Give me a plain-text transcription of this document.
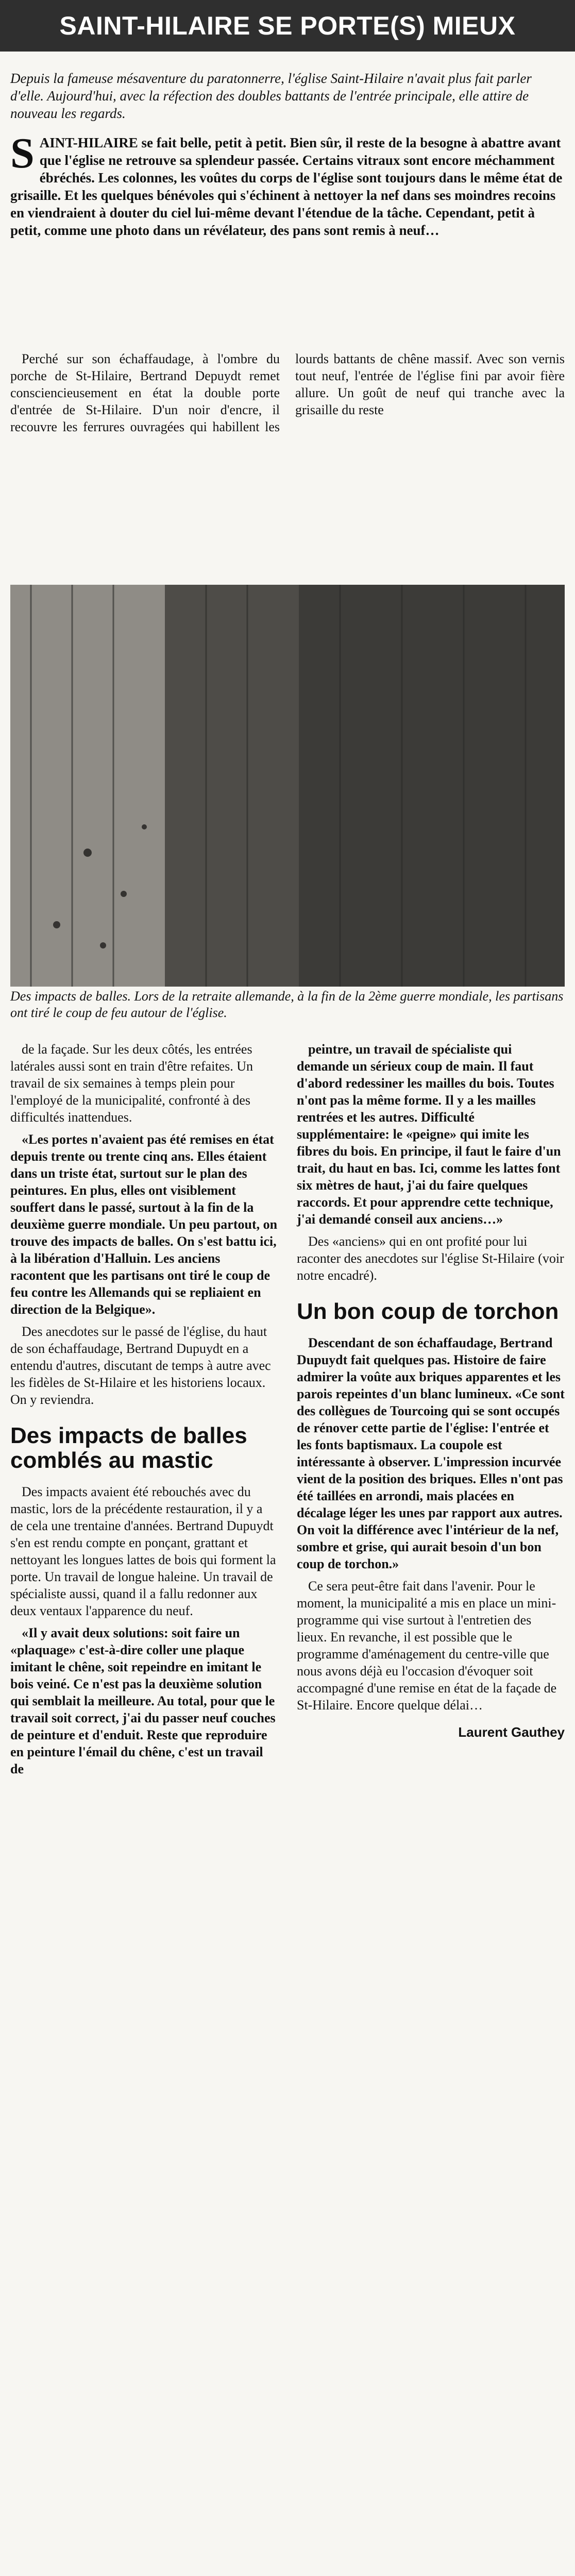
SAINT-HILAIRE SE PORTE(S) MIEUX
Depuis la fameuse mésaventure du paratonnerre, l'église Saint-Hilaire n'avait plus fait parler d'elle. Aujourd'hui, avec la réfection des doubles battants de l'entrée principale, elle attire de nouveau les regards.
SAINT-HILAIRE se fait belle, petit à petit. Bien sûr, il reste de la besogne à abattre avant que l'église ne retrouve sa splendeur passée. Certains vitraux sont encore méchamment ébréchés. Les colonnes, les voûtes du corps de l'église sont toujours dans le même état de grisaille. Et les quelques bénévoles qui s'échinent à nettoyer la nef dans ses moindres recoins en viendraient à douter du ciel lui-même devant l'étendue de la tâche. Cependant, petit à petit, comme une photo dans un révélateur, des pans sont remis à neuf…

Perché sur son échaffaudage, à l'ombre du porche de St-Hilaire, Bertrand Depuydt remet consciencieusement en état la double porte d'entrée de St-Hilaire. D'un noir d'encre, il recouvre les ferrures ouvragées qui habillent les lourds battants de chêne massif. Avec son vernis tout neuf, l'entrée de l'église fini par avoir fière allure. Un goût de neuf qui tranche avec la grisaille du reste

Des impacts de balles. Lors de la retraite allemande, à la fin de la 2ème guerre mondiale, les partisans ont tiré le coup de feu autour de l'église.

de la façade. Sur les deux côtés, les entrées latérales aussi sont en train d'être refaites. Un travail de six semaines à temps plein pour l'employé de la municipalité, confronté à des difficultés inattendues.

«Les portes n'avaient pas été remises en état depuis trente ou trente cinq ans. Elles étaient dans un triste état, surtout sur le plan des peintures. En plus, elles ont visiblement souffert dans le passé, surtout à la fin de la deuxième guerre mondiale. Un peu partout, on trouve des impacts de balles. On s'est battu ici, à la libération d'Halluin. Les anciens racontent que les partisans ont tiré le coup de feu contre les Allemands qui se repliaient en direction de la Belgique».

Des anecdotes sur le passé de l'église, du haut de son échaffaudage, Bertrand Dupuydt en a entendu d'autres, discutant de temps à autre avec les fidèles de St-Hilaire et les historiens locaux. On y reviendra.

Des impacts de balles comblés au mastic

Des impacts avaient été rebouchés avec du mastic, lors de la précédente restauration, il y a de cela une trentaine d'années. Bertrand Dupuydt s'en est rendu compte en ponçant, grattant et nettoyant les longues lattes de bois qui forment la porte. Un travail de longue haleine. Un travail de spécialiste aussi, quand il a fallu redonner aux deux ventaux l'apparence du neuf.

«Il y avait deux solutions: soit faire un «plaquage» c'est-à-dire coller une plaque imitant le chêne, soit repeindre en imitant le bois veiné. Ce n'est pas la deuxième solution qui semblait la meilleure. Au total, pour que le travail soit correct, j'ai du passer neuf couches de peinture et d'enduit. Reste que reproduire en peinture l'émail du chêne, c'est un travail de

peintre, un travail de spécialiste qui demande un sérieux coup de main. Il faut d'abord redessiner les mailles du bois. Toutes n'ont pas la même forme. Il y a les mailles rentrées et les autres. Difficulté supplémentaire: le «peigne» qui imite les fibres du bois. En principe, il faut le faire d'un trait, du haut en bas. Ici, comme les lattes font six mètres de haut, j'ai du faire quelques raccords. Et pour apprendre cette technique, j'ai demandé conseil aux anciens…»

Des «anciens» qui en ont profité pour lui raconter des anecdotes sur l'église St-Hilaire (voir notre encadré).

Un bon coup de torchon

Descendant de son échaffaudage, Bertrand Dupuydt fait quelques pas. Histoire de faire admirer la voûte aux briques apparentes et les parois repeintes d'un blanc lumineux. «Ce sont des collègues de Tourcoing qui se sont occupés de rénover cette partie de l'église: l'entrée et les fonts baptismaux. La coupole est intéressante à observer. L'impression incurvée vient de la position des briques. Elles n'ont pas été taillées en arrondi, mais placées en décalage léger les unes par rapport aux autres. On voit la différence avec l'intérieur de la nef, sombre et grise, qui aurait besoin d'un bon coup de torchon.»

Ce sera peut-être fait dans l'avenir. Pour le moment, la municipalité a mis en place un mini-programme qui vise surtout à l'entretien des lieux. En revanche, il est possible que le programme d'aménagement du centre-ville que nous avons déjà eu l'occasion d'évoquer soit accompagné d'une remise en état de la façade de St-Hilaire. Encore quelque délai…

Laurent Gauthey
